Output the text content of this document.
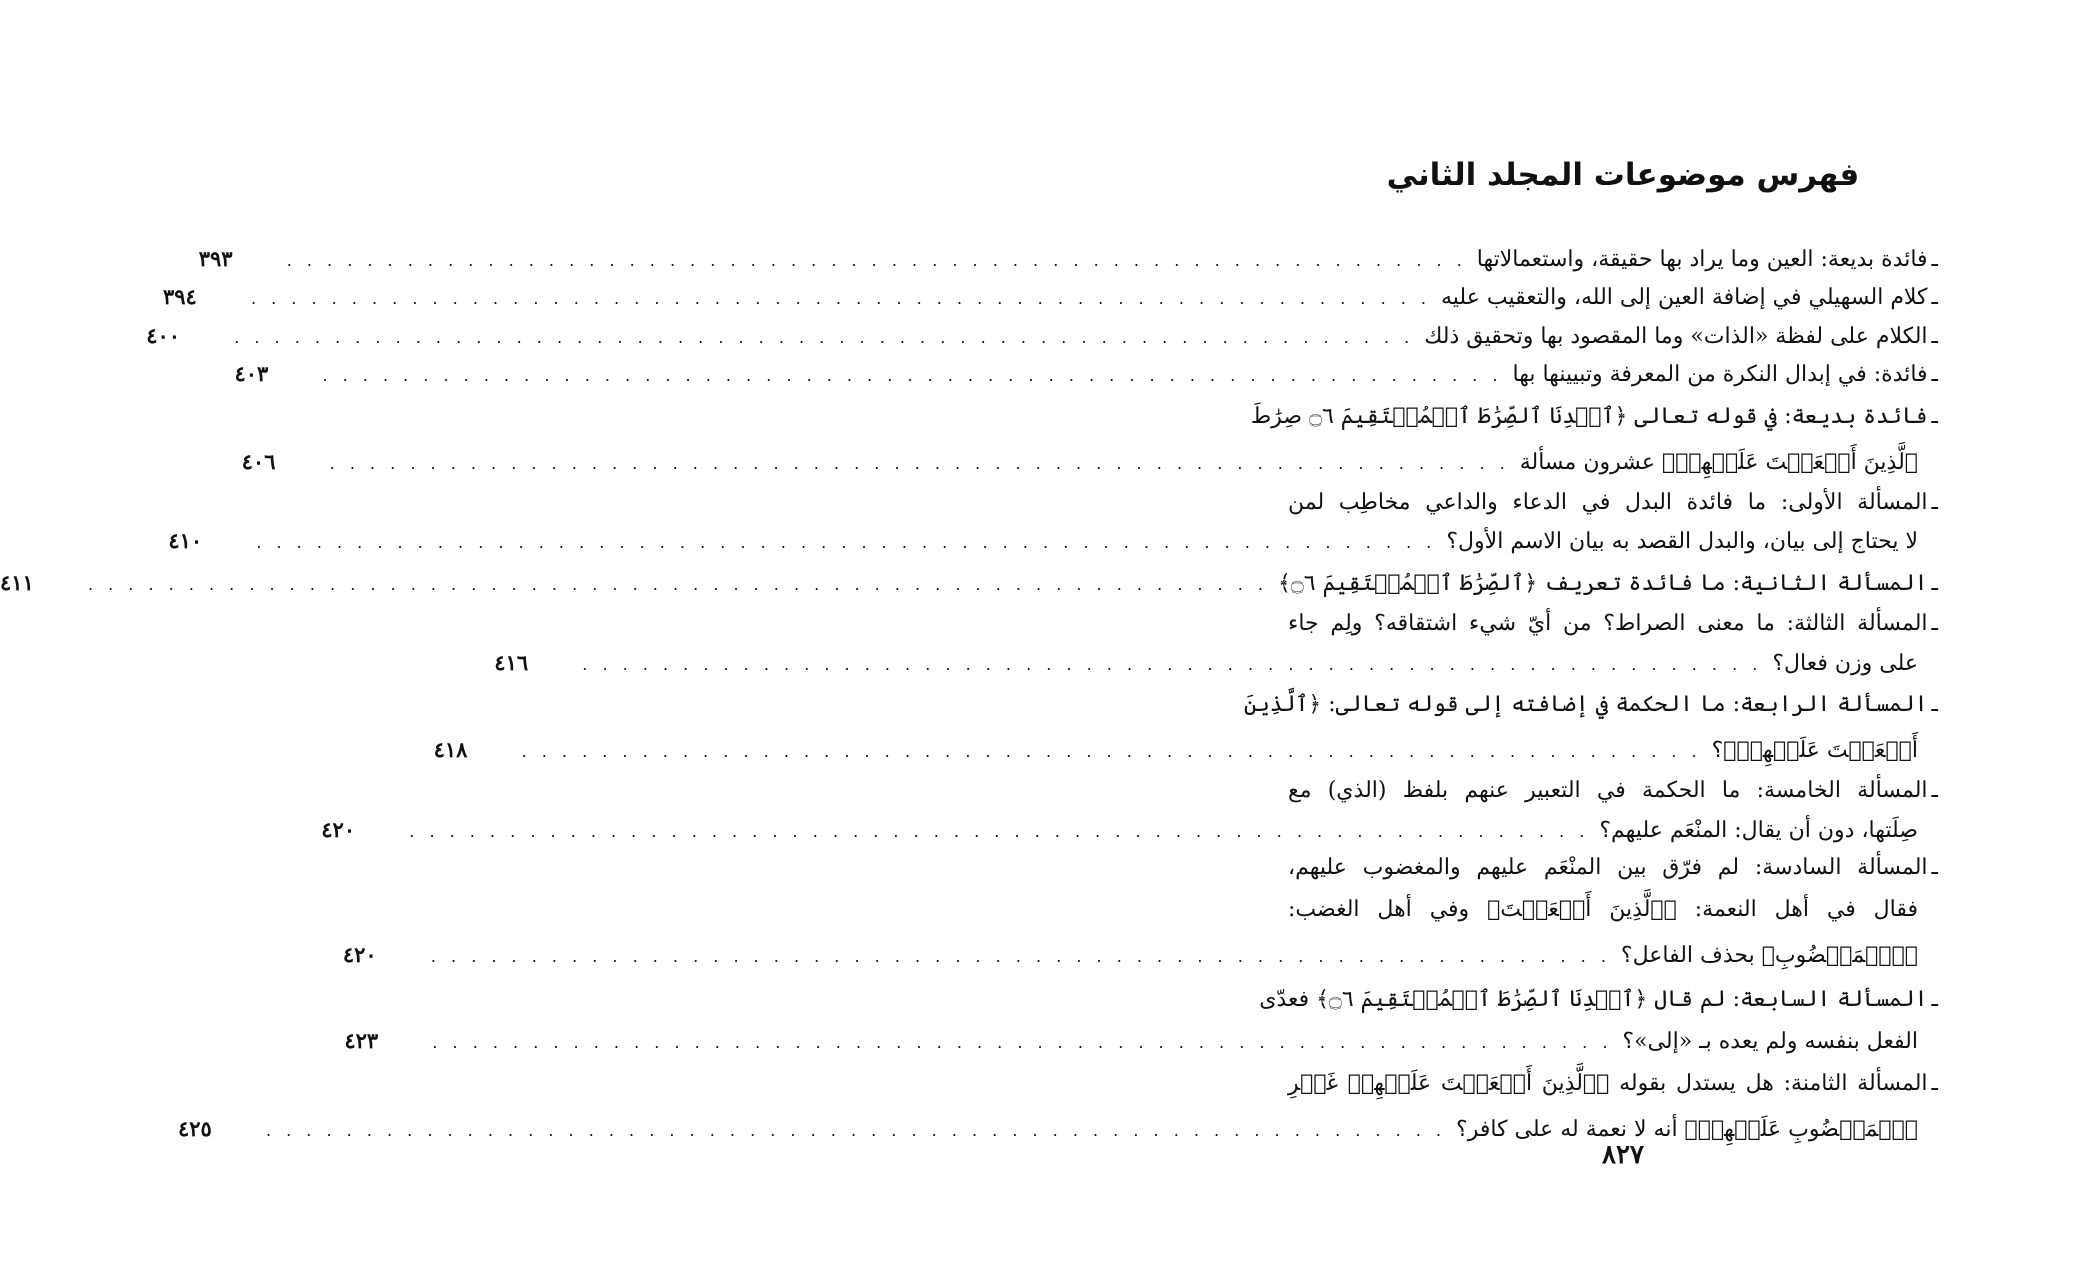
فهرس موضوعات المجلد الثاني
ـ
فائدة بديعة: العين وما يراد بها حقيقة، واستعمالاتها
. . .
٣٩٣
ـ
كلام السهيلي في إضافة العين إلى الله، والتعقيب عليه
. . .
٣٩٤
ـ
الكلام على لفظة «الذات» وما المقصود بها وتحقيق ذلك
. . .
٤٠٠
ـ
فائدة: في إبدال النكرة من المعرفة وتبيينها بها
. . .
٤٠٣
ـ
فائدة بديعة: في قوله تعالى ﴿ٱهۡدِنَا ٱلصِّرَٰطَ ٱلۡمُسۡتَقِيمَ ۝٦ صِرَٰطَ
ٱلَّذِينَ أَنۡعَمۡتَ عَلَيۡهِمۡ﴾ عشرون مسألة
. . .
٤٠٦
ـ
المسألة الأولى: ما فائدة البدل في الدعاء والداعي مخاطِب لمن
لا يحتاج إلى بيان، والبدل القصد به بيان الاسم الأول؟
. . .
٤١٠
ـ
المسألة الثانية: ما فائدة تعريف ﴿ٱلصِّرَٰطَ ٱلۡمُسۡتَقِيمَ ۝٦﴾
. . .
٤١١
ـ
المسألة الثالثة: ما معنى الصراط؟ من أيّ شيء اشتقاقه؟ ولِم جاء
على وزن فعال؟
. . .
٤١٦
ـ
المسألة الرابعة: ما الحكمة في إضافته إلى قوله تعالى: ﴿ٱلَّذِينَ
أَنۡعَمۡتَ عَلَيۡهِمۡ﴾؟
. . .
٤١٨
ـ
المسألة الخامسة: ما الحكمة في التعبير عنهم بلفظ (الذي) مع
صِلَتها، دون أن يقال: المنْعَم عليهم؟
. . .
٤٢٠
ـ
المسألة السادسة: لم فرّق بين المنْعَم عليهم والمغضوب عليهم،
فقال في أهل النعمة: ﴿ٱلَّذِينَ أَنۡعَمۡتَ﴾ وفي أهل الغضب:
﴿ٱلۡمَغۡضُوبِ﴾ بحذف الفاعل؟
. . .
٤٢٠
ـ
المسألة السابعة: لم قال ﴿ٱهۡدِنَا ٱلصِّرَٰطَ ٱلۡمُسۡتَقِيمَ ۝٦﴾ فعدّى
الفعل بنفسه ولم يعده بـ «إلى»؟
. . .
٤٢٣
ـ
المسألة الثامنة: هل يستدل بقوله ﴿ٱلَّذِينَ أَنۡعَمۡتَ عَلَيۡهِمۡ غَيۡرِ
ٱلۡمَغۡضُوبِ عَلَيۡهِمۡ﴾ أنه لا نعمة له على كافر؟
. . .
٤٢٥
٨٢٧
